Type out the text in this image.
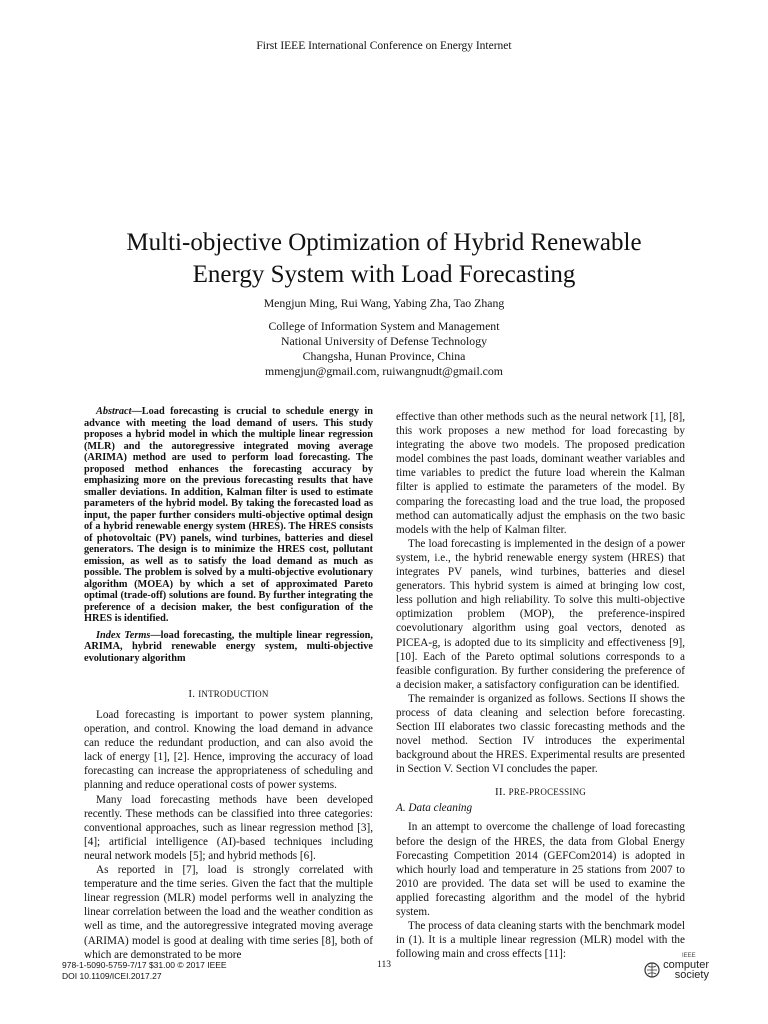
First IEEE International Conference on Energy Internet
Multi-objective Optimization of Hybrid Renewable
Energy System with Load Forecasting
Mengjun Ming, Rui Wang, Yabing Zha, Tao Zhang
College of Information System and Management
National University of Defense Technology
Changsha, Hunan Province, China
mmengjun@gmail.com, ruiwangnudt@gmail.com

Abstract—Load forecasting is crucial to schedule energy in advance with meeting the load demand of users. This study proposes a hybrid model in which the multiple linear regression (MLR) and the autoregressive integrated moving average (ARIMA) method are used to perform load forecasting. The proposed method enhances the forecasting accuracy by emphasizing more on the previous forecasting results that have smaller deviations. In addition, Kalman filter is used to estimate parameters of the hybrid model. By taking the forecasted load as input, the paper further considers multi-objective optimal design of a hybrid renewable energy system (HRES). The HRES consists of photovoltaic (PV) panels, wind turbines, batteries and diesel generators. The design is to minimize the HRES cost, pollutant emission, as well as to satisfy the load demand as much as possible. The problem is solved by a multi-objective evolutionary algorithm (MOEA) by which a set of approximated Pareto optimal (trade-off) solutions are found. By further integrating the preference of a decision maker, the best configuration of the HRES is identified.

Index Terms—load forecasting, the multiple linear regression, ARIMA, hybrid renewable energy system, multi-objective evolutionary algorithm

I. INTRODUCTION

Load forecasting is important to power system planning, operation, and control. Knowing the load demand in advance can reduce the redundant production, and can also avoid the lack of energy [1], [2]. Hence, improving the accuracy of load forecasting can increase the appropriateness of scheduling and planning and reduce operational costs of power systems.

Many load forecasting methods have been developed recently. These methods can be classified into three categories: conventional approaches, such as linear regression method [3], [4]; artificial intelligence (AI)-based techniques including neural network models [5]; and hybrid methods [6].

As reported in [7], load is strongly correlated with temperature and the time series. Given the fact that the multiple linear regression (MLR) model performs well in analyzing the linear correlation between the load and the weather condition as well as time, and the autoregressive integrated moving average (ARIMA) model is good at dealing with time series [8], both of which are demonstrated to be more

effective than other methods such as the neural network [1], [8], this work proposes a new method for load forecasting by integrating the above two models. The proposed predication model combines the past loads, dominant weather variables and time variables to predict the future load wherein the Kalman filter is applied to estimate the parameters of the model. By comparing the forecasting load and the true load, the proposed method can automatically adjust the emphasis on the two basic models with the help of Kalman filter.

The load forecasting is implemented in the design of a power system, i.e., the hybrid renewable energy system (HRES) that integrates PV panels, wind turbines, batteries and diesel generators. This hybrid system is aimed at bringing low cost, less pollution and high reliability. To solve this multi-objective optimization problem (MOP), the preference-inspired coevolutionary algorithm using goal vectors, denoted as PICEA-g, is adopted due to its simplicity and effectiveness [9], [10]. Each of the Pareto optimal solutions corresponds to a feasible configuration. By further considering the preference of a decision maker, a satisfactory configuration can be identified.

The remainder is organized as follows. Sections II shows the process of data cleaning and selection before forecasting. Section III elaborates two classic forecasting methods and the novel method. Section IV introduces the experimental background about the HRES. Experimental results are presented in Section V. Section VI concludes the paper.

II. PRE-PROCESSING
A. Data cleaning

In an attempt to overcome the challenge of load forecasting before the design of the HRES, the data from Global Energy Forecasting Competition 2014 (GEFCom2014) is adopted in which hourly load and temperature in 25 stations from 2007 to 2010 are provided. The data set will be used to examine the applied forecasting algorithm and the model of the hybrid system.

The process of data cleaning starts with the benchmark model in (1). It is a multiple linear regression (MLR) model with the following main and cross effects [11]:

978-1-5090-5759-7/17 $31.00 © 2017 IEEE
DOI 10.1109/ICEI.2017.27
113
IEEE
computer
society
